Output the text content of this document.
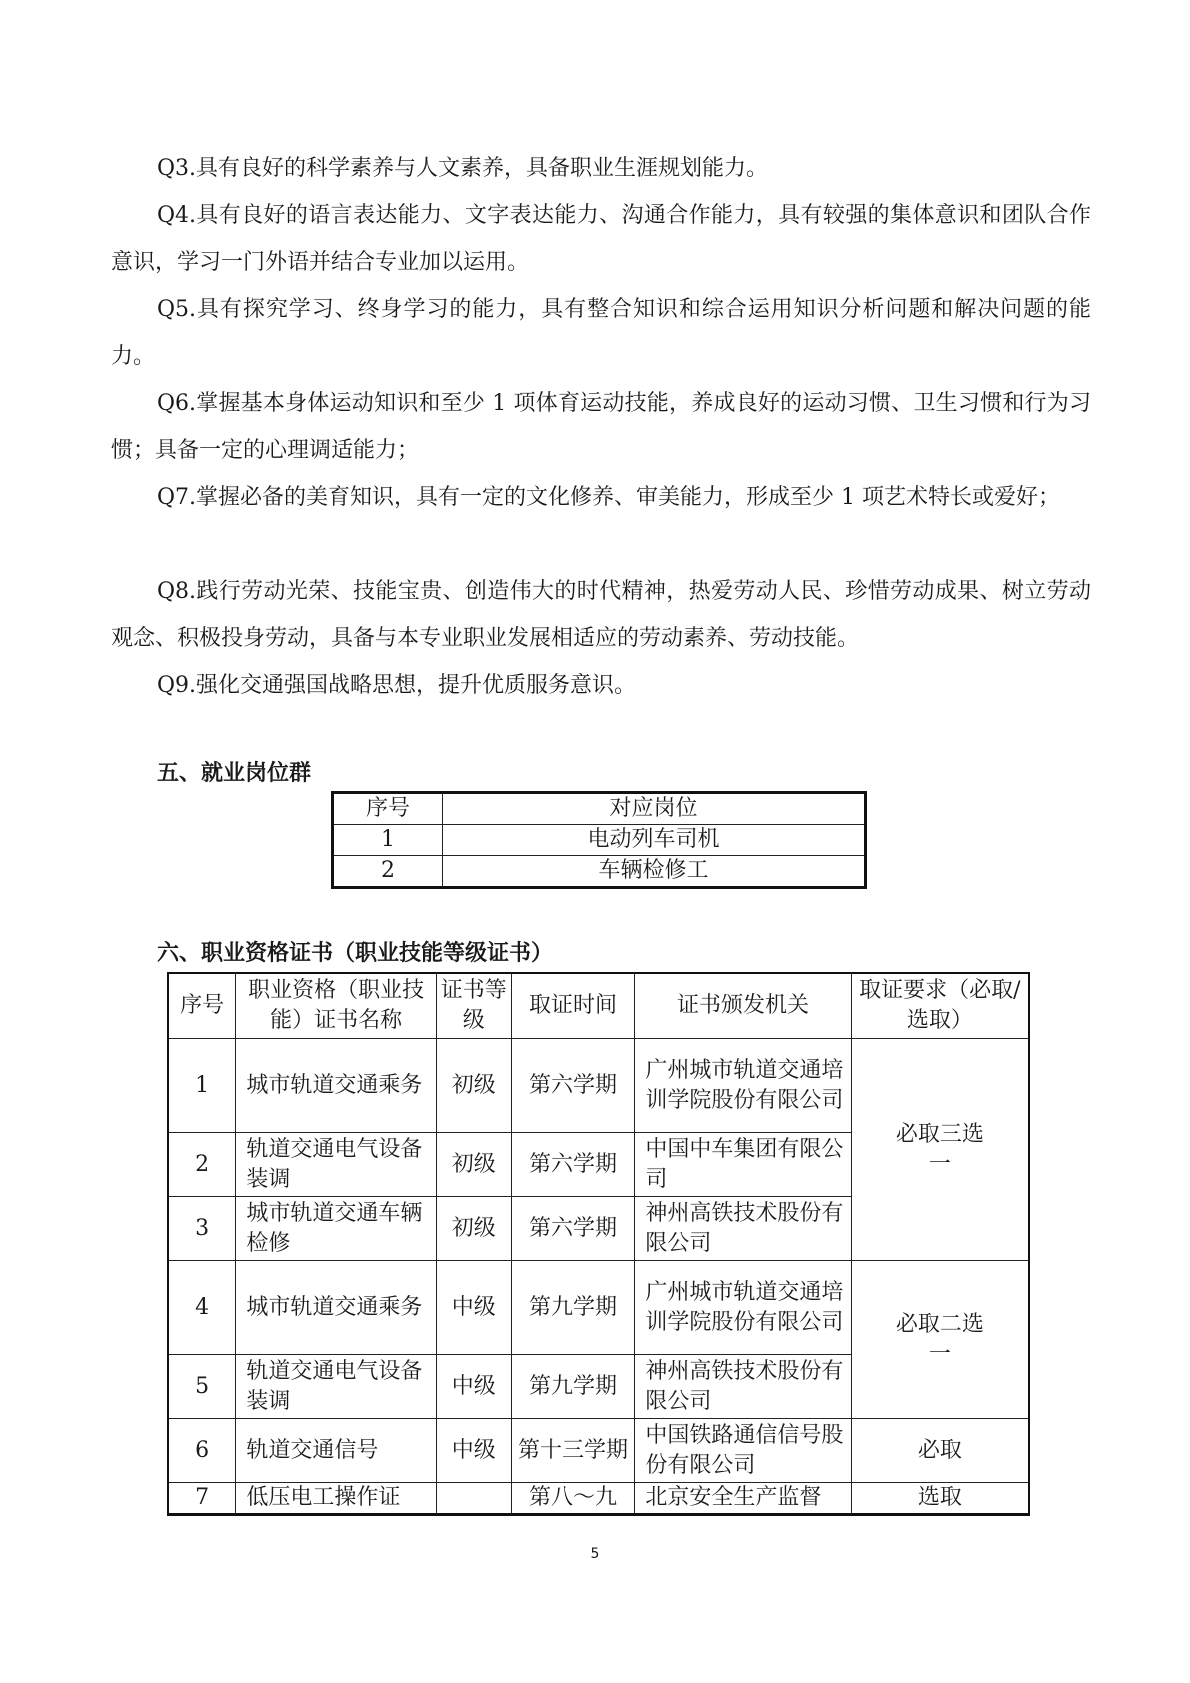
Q3.具有良好的科学素养与人文素养，具备职业生涯规划能力。

Q4.具有良好的语言表达能力、文字表达能力、沟通合作能力，具有较强的集体意识和团队合作意识，学习一门外语并结合专业加以运用。

Q5.具有探究学习、终身学习的能力，具有整合知识和综合运用知识分析问题和解决问题的能力。

Q6.掌握基本身体运动知识和至少 1 项体育运动技能，养成良好的运动习惯、卫生习惯和行为习惯；具备一定的心理调适能力；

Q7.掌握必备的美育知识，具有一定的文化修养、审美能力，形成至少 1 项艺术特长或爱好；

Q8.践行劳动光荣、技能宝贵、创造伟大的时代精神，热爱劳动人民、珍惜劳动成果、树立劳动观念、积极投身劳动，具备与本专业职业发展相适应的劳动素养、劳动技能。

Q9.强化交通强国战略思想，提升优质服务意识。

五、就业岗位群
序号	对应岗位
1	电动列车司机
2	车辆检修工
六、职业资格证书（职业技能等级证书）
序号	职业资格（职业技能）证书名称	证书等级	取证时间	证书颁发机关	取证要求（必取/选取）
1	城市轨道交通乘务	初级	第六学期	广州城市轨道交通培训学院股份有限公司	必取三选一
2	轨道交通电气设备装调	初级	第六学期	中国中车集团有限公司	
3	城市轨道交通车辆检修	初级	第六学期	神州高铁技术股份有限公司	
4	城市轨道交通乘务	中级	第九学期	广州城市轨道交通培训学院股份有限公司	必取二选一
5	轨道交通电气设备装调	中级	第九学期	神州高铁技术股份有限公司	
6	轨道交通信号	中级	第十三学期	中国铁路通信信号股份有限公司	必取
7	低压电工操作证		第八～九	北京安全生产监督	选取
5
